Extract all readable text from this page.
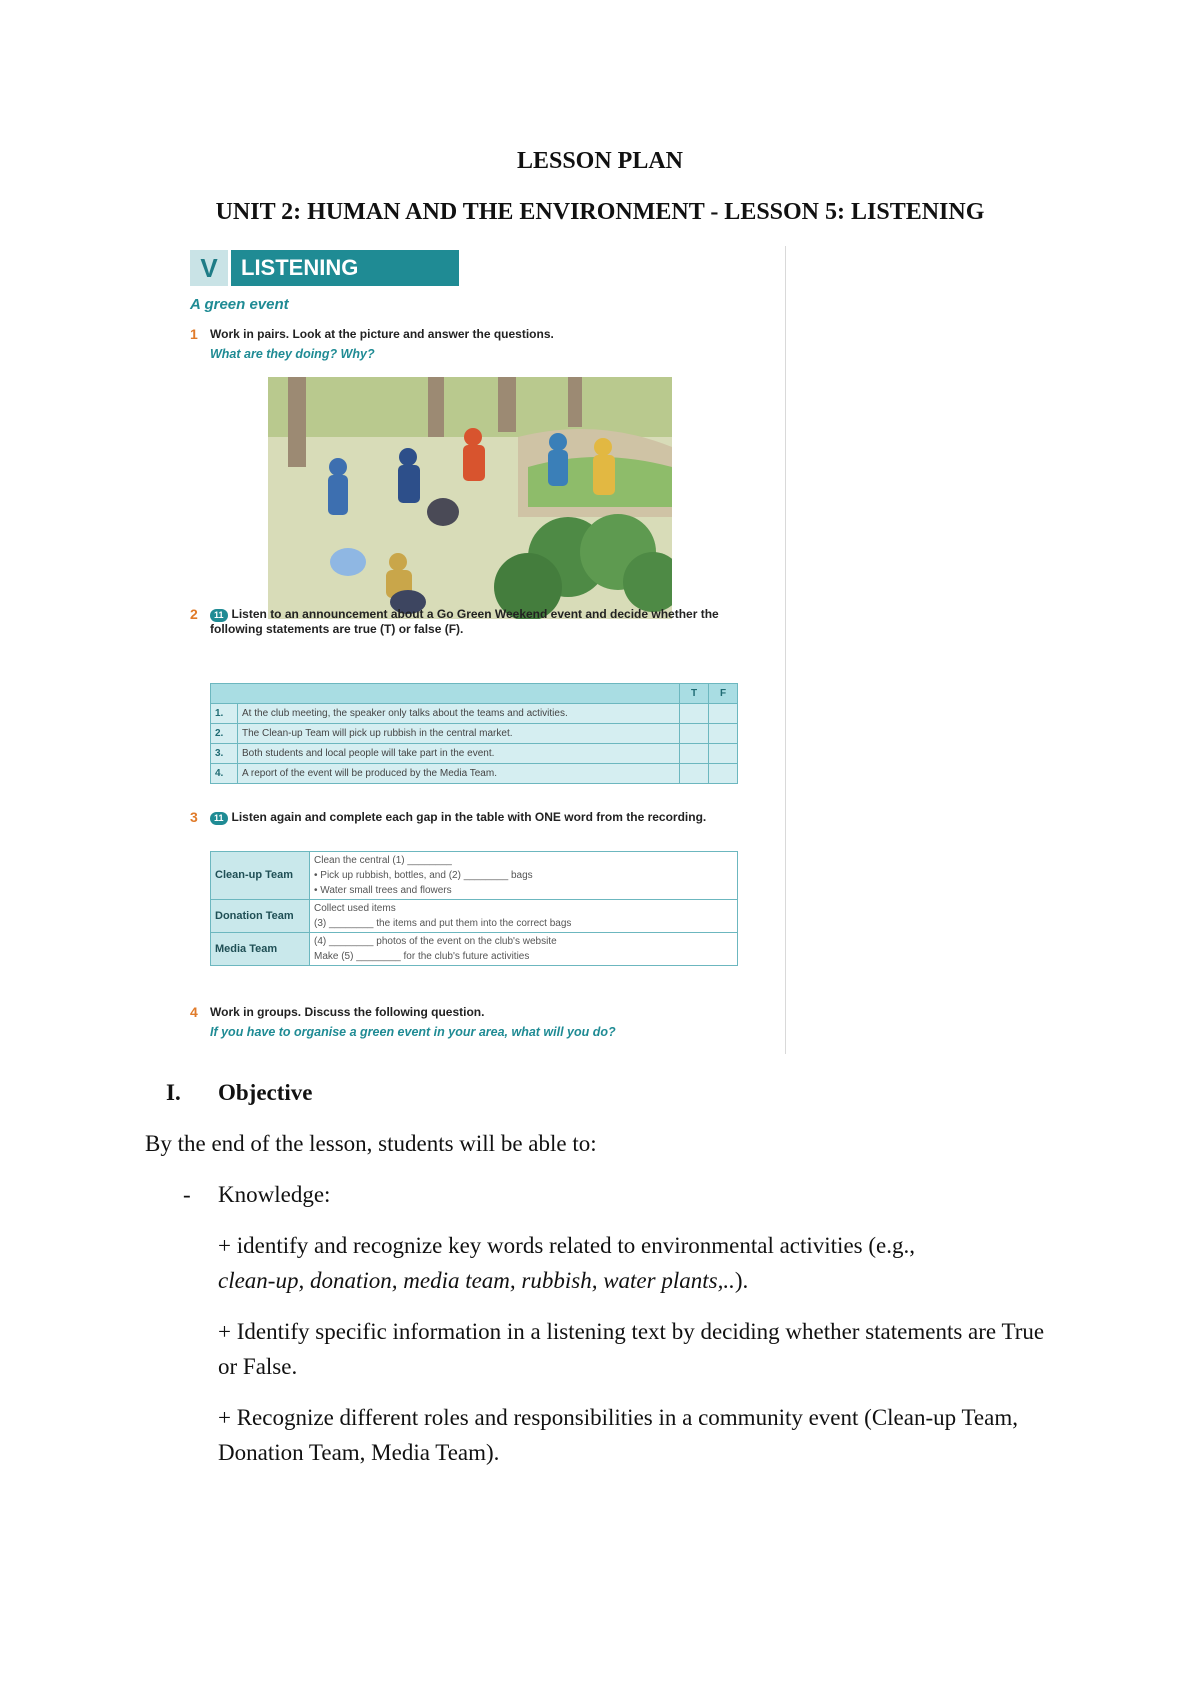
LESSON PLAN
UNIT 2: HUMAN AND THE ENVIRONMENT - LESSON 5: LISTENING
V	LISTENING
A green event
1 Work in pairs. Look at the picture and answer the questions.
What are they doing? Why?
2	11 Listen to an announcement about a Go Green Weekend event and decide whether the following statements are true (T) or false (F).
		T	F
1.	At the club meeting, the speaker only talks about the teams and activities.		
2.	The Clean-up Team will pick up rubbish in the central market.		
3.	Both students and local people will take part in the event.		
4.	A report of the event will be produced by the Media Team.		
3	11 Listen again and complete each gap in the table with ONE word from the recording.
Clean-up Team	Clean the central (1) ________
• Pick up rubbish, bottles, and (2) ________ bags
• Water small trees and flowers

Donation Team	Collect used items
(3) ________ the items and put them into the correct bags

Media Team	(4) ________ photos of the event on the club's website
Make (5) ________ for the club's future activities
4 Work in groups. Discuss the following question.
If you have to organise a green event in your area, what will you do?
I. Objective
By the end of the lesson, students will be able to:
- Knowledge:
+ identify and recognize key words related to environmental activities (e.g.,
clean-up, donation, media team, rubbish, water plants,..).
+ Identify specific information in a listening text by deciding whether statements are True or False.
+ Recognize different roles and responsibilities in a community event (Clean-up Team, Donation Team, Media Team).
